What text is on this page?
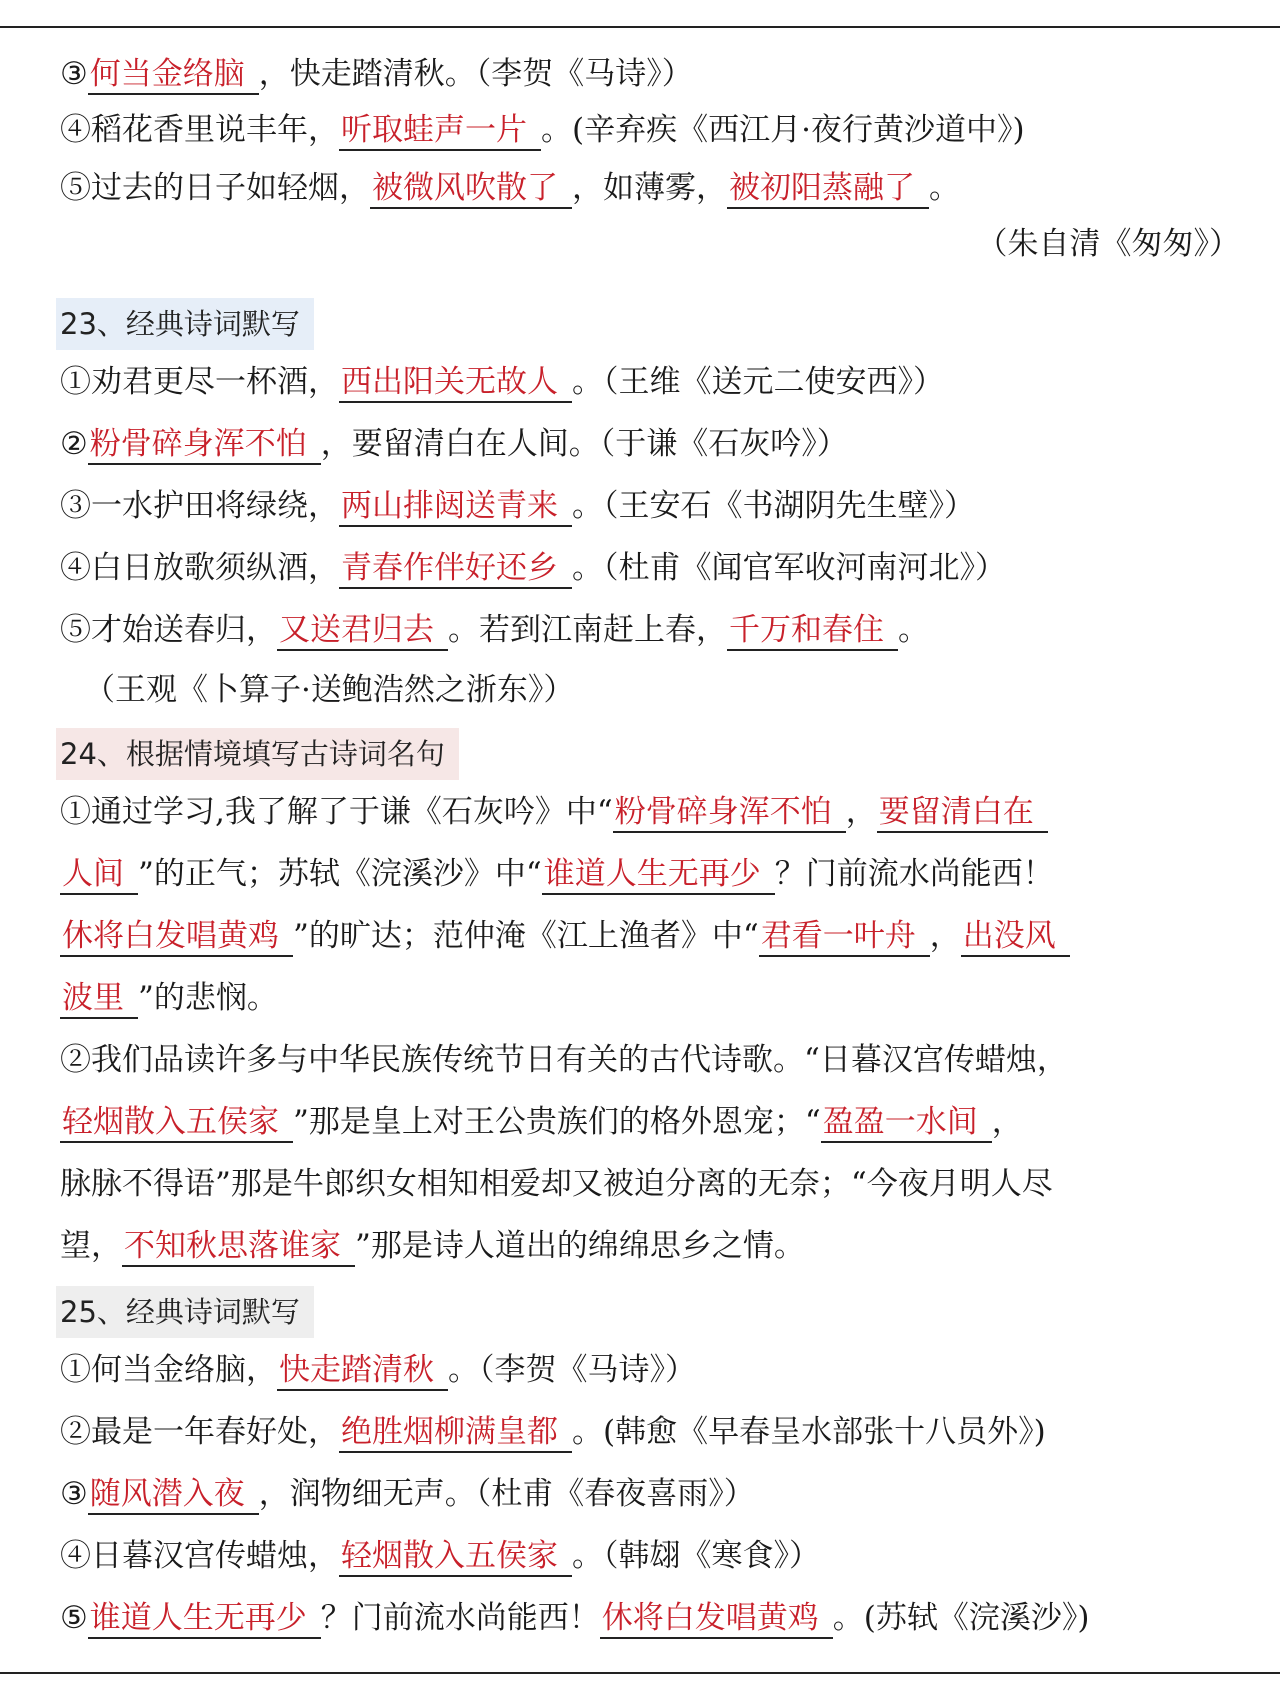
③何当金络脑 ，快走踏清秋。（李贺《马诗》）
④稻花香里说丰年，听取蛙声一片 。(辛弃疾《西江月·夜行黄沙道中》)
⑤过去的日子如轻烟，被微风吹散了 ，如薄雾，被初阳蒸融了 。
（朱自清《匆匆》）
23、经典诗词默写
①劝君更尽一杯酒，西出阳关无故人 。（王维《送元二使安西》）
②粉骨碎身浑不怕 ，要留清白在人间。（于谦《石灰吟》）
③一水护田将绿绕，两山排闼送青来 。（王安石《书湖阴先生壁》）
④白日放歌须纵酒，青春作伴好还乡 。（杜甫《闻官军收河南河北》）
⑤才始送春归，又送君归去 。若到江南赶上春，千万和春住 。
（王观《卜算子·送鲍浩然之浙东》）
24、根据情境填写古诗词名句
①通过学习,我了解了于谦《石灰吟》中“粉骨碎身浑不怕 ，要留清白在
人间 ”的正气；苏轼《浣溪沙》中“谁道人生无再少 ？门前流水尚能西！
休将白发唱黄鸡 ”的旷达；范仲淹《江上渔者》中“君看一叶舟 ，出没风
波里 ”的悲悯。
②我们品读许多与中华民族传统节日有关的古代诗歌。“日暮汉宫传蜡烛，
轻烟散入五侯家 ”那是皇上对王公贵族们的格外恩宠；“盈盈一水间 ，
脉脉不得语”那是牛郎织女相知相爱却又被迫分离的无奈；“今夜月明人尽
望，不知秋思落谁家 ”那是诗人道出的绵绵思乡之情。
25、经典诗词默写
①何当金络脑，快走踏清秋 。（李贺《马诗》）
②最是一年春好处，绝胜烟柳满皇都 。(韩愈《早春呈水部张十八员外》)
③随风潜入夜 ，润物细无声。（杜甫《春夜喜雨》）
④日暮汉宫传蜡烛，轻烟散入五侯家 。（韩翃《寒食》）
⑤谁道人生无再少 ？门前流水尚能西！休将白发唱黄鸡 。(苏轼《浣溪沙》)
